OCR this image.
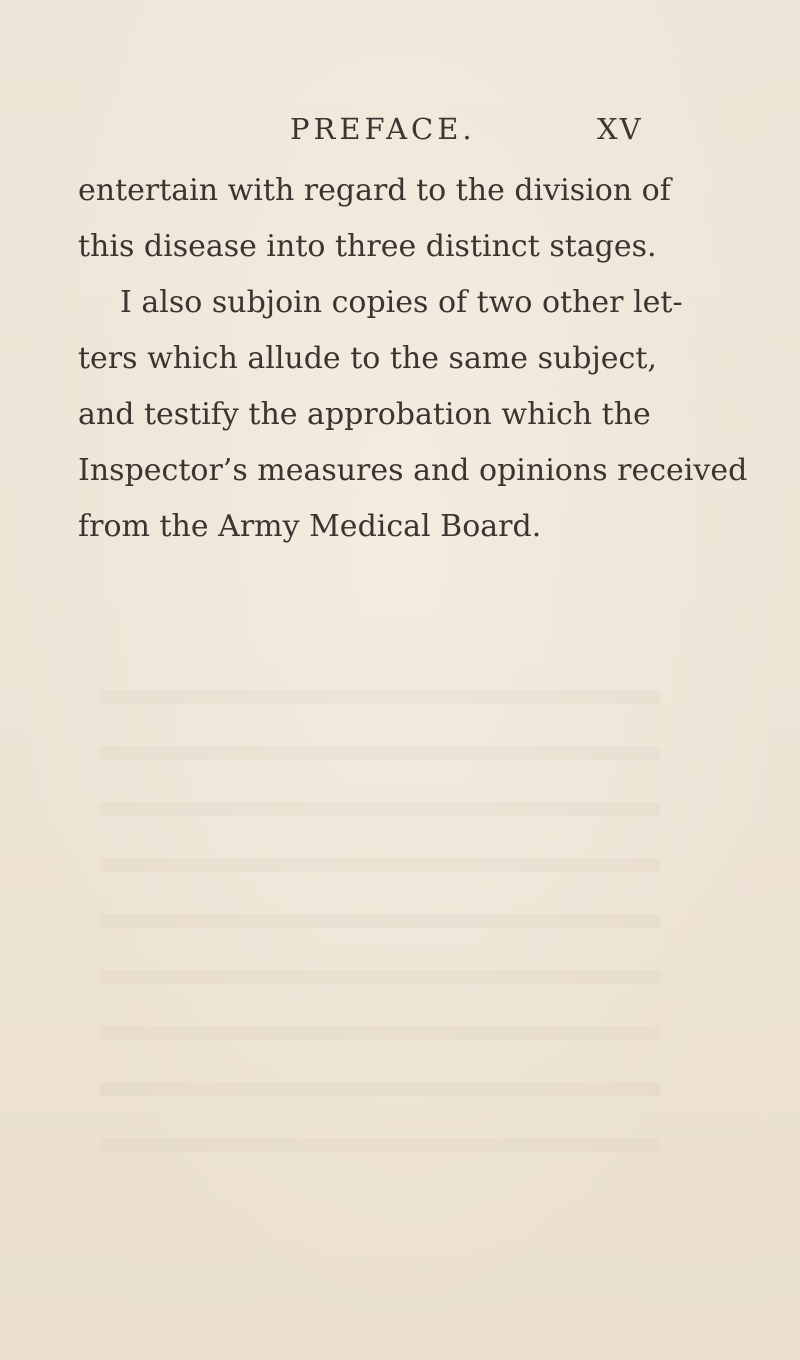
PREFACE.	XV
entertain with regard to the division of
this disease into three distinct stages.
I also subjoin copies of two other let-
ters which allude to the same subject,
and testify the approbation which the
Inspector’s measures and opinions received
from the Army Medical Board.
